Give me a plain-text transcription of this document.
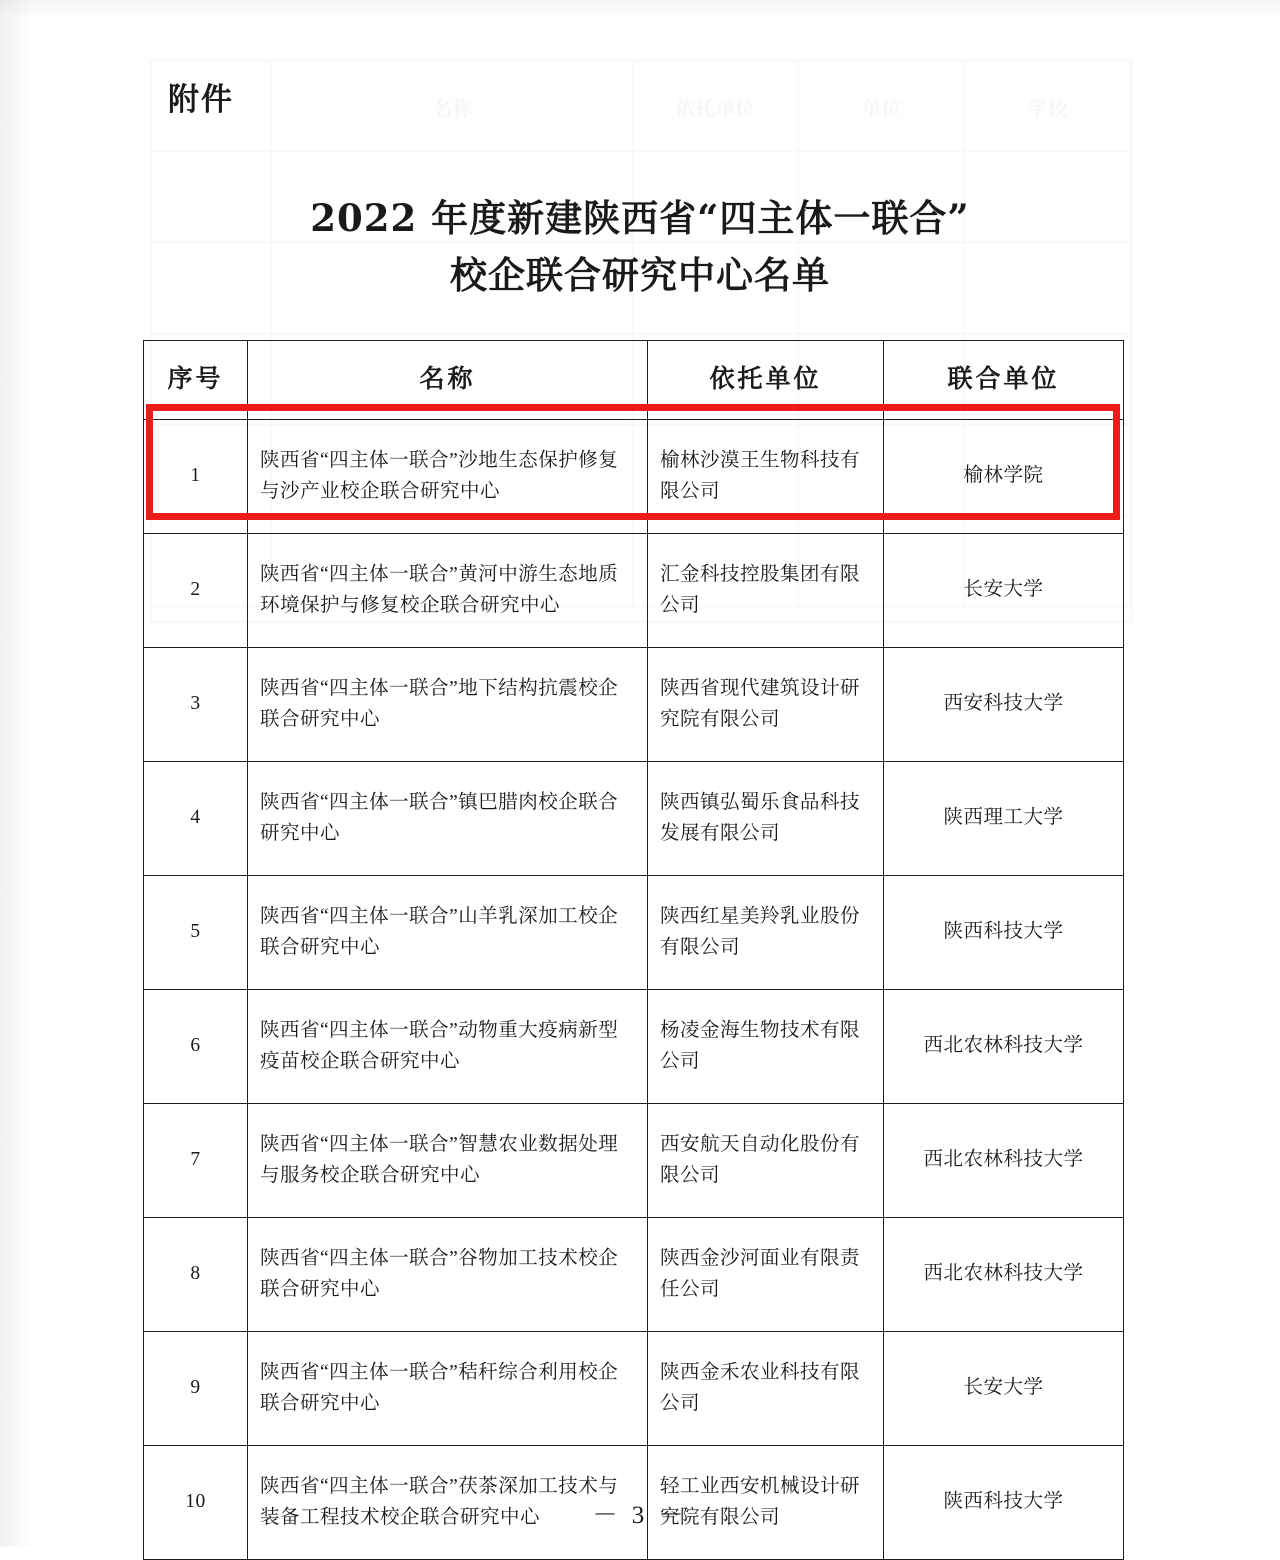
名称	依托单位	单位	学校
附件
2022 年度新建陕西省“四主体一联合”
校企联合研究中心名单
序号	名称	依托单位	联合单位
1	陕西省“四主体一联合”沙地生态保护修复与沙产业校企联合研究中心	榆林沙漠王生物科技有限公司	榆林学院
2	陕西省“四主体一联合”黄河中游生态地质环境保护与修复校企联合研究中心	汇金科技控股集团有限公司	长安大学
3	陕西省“四主体一联合”地下结构抗震校企联合研究中心	陕西省现代建筑设计研究院有限公司	西安科技大学
4	陕西省“四主体一联合”镇巴腊肉校企联合研究中心	陕西镇弘蜀乐食品科技发展有限公司	陕西理工大学
5	陕西省“四主体一联合”山羊乳深加工校企联合研究中心	陕西红星美羚乳业股份有限公司	陕西科技大学
6	陕西省“四主体一联合”动物重大疫病新型疫苗校企联合研究中心	杨凌金海生物技术有限公司	西北农林科技大学
7	陕西省“四主体一联合”智慧农业数据处理与服务校企联合研究中心	西安航天自动化股份有限公司	西北农林科技大学
8	陕西省“四主体一联合”谷物加工技术校企联合研究中心	陕西金沙河面业有限责任公司	西北农林科技大学
9	陕西省“四主体一联合”秸秆综合利用校企联合研究中心	陕西金禾农业科技有限公司	长安大学
10	陕西省“四主体一联合”茯茶深加工技术与装备工程技术校企联合研究中心	轻工业西安机械设计研究院有限公司	陕西科技大学
－ 3 －
